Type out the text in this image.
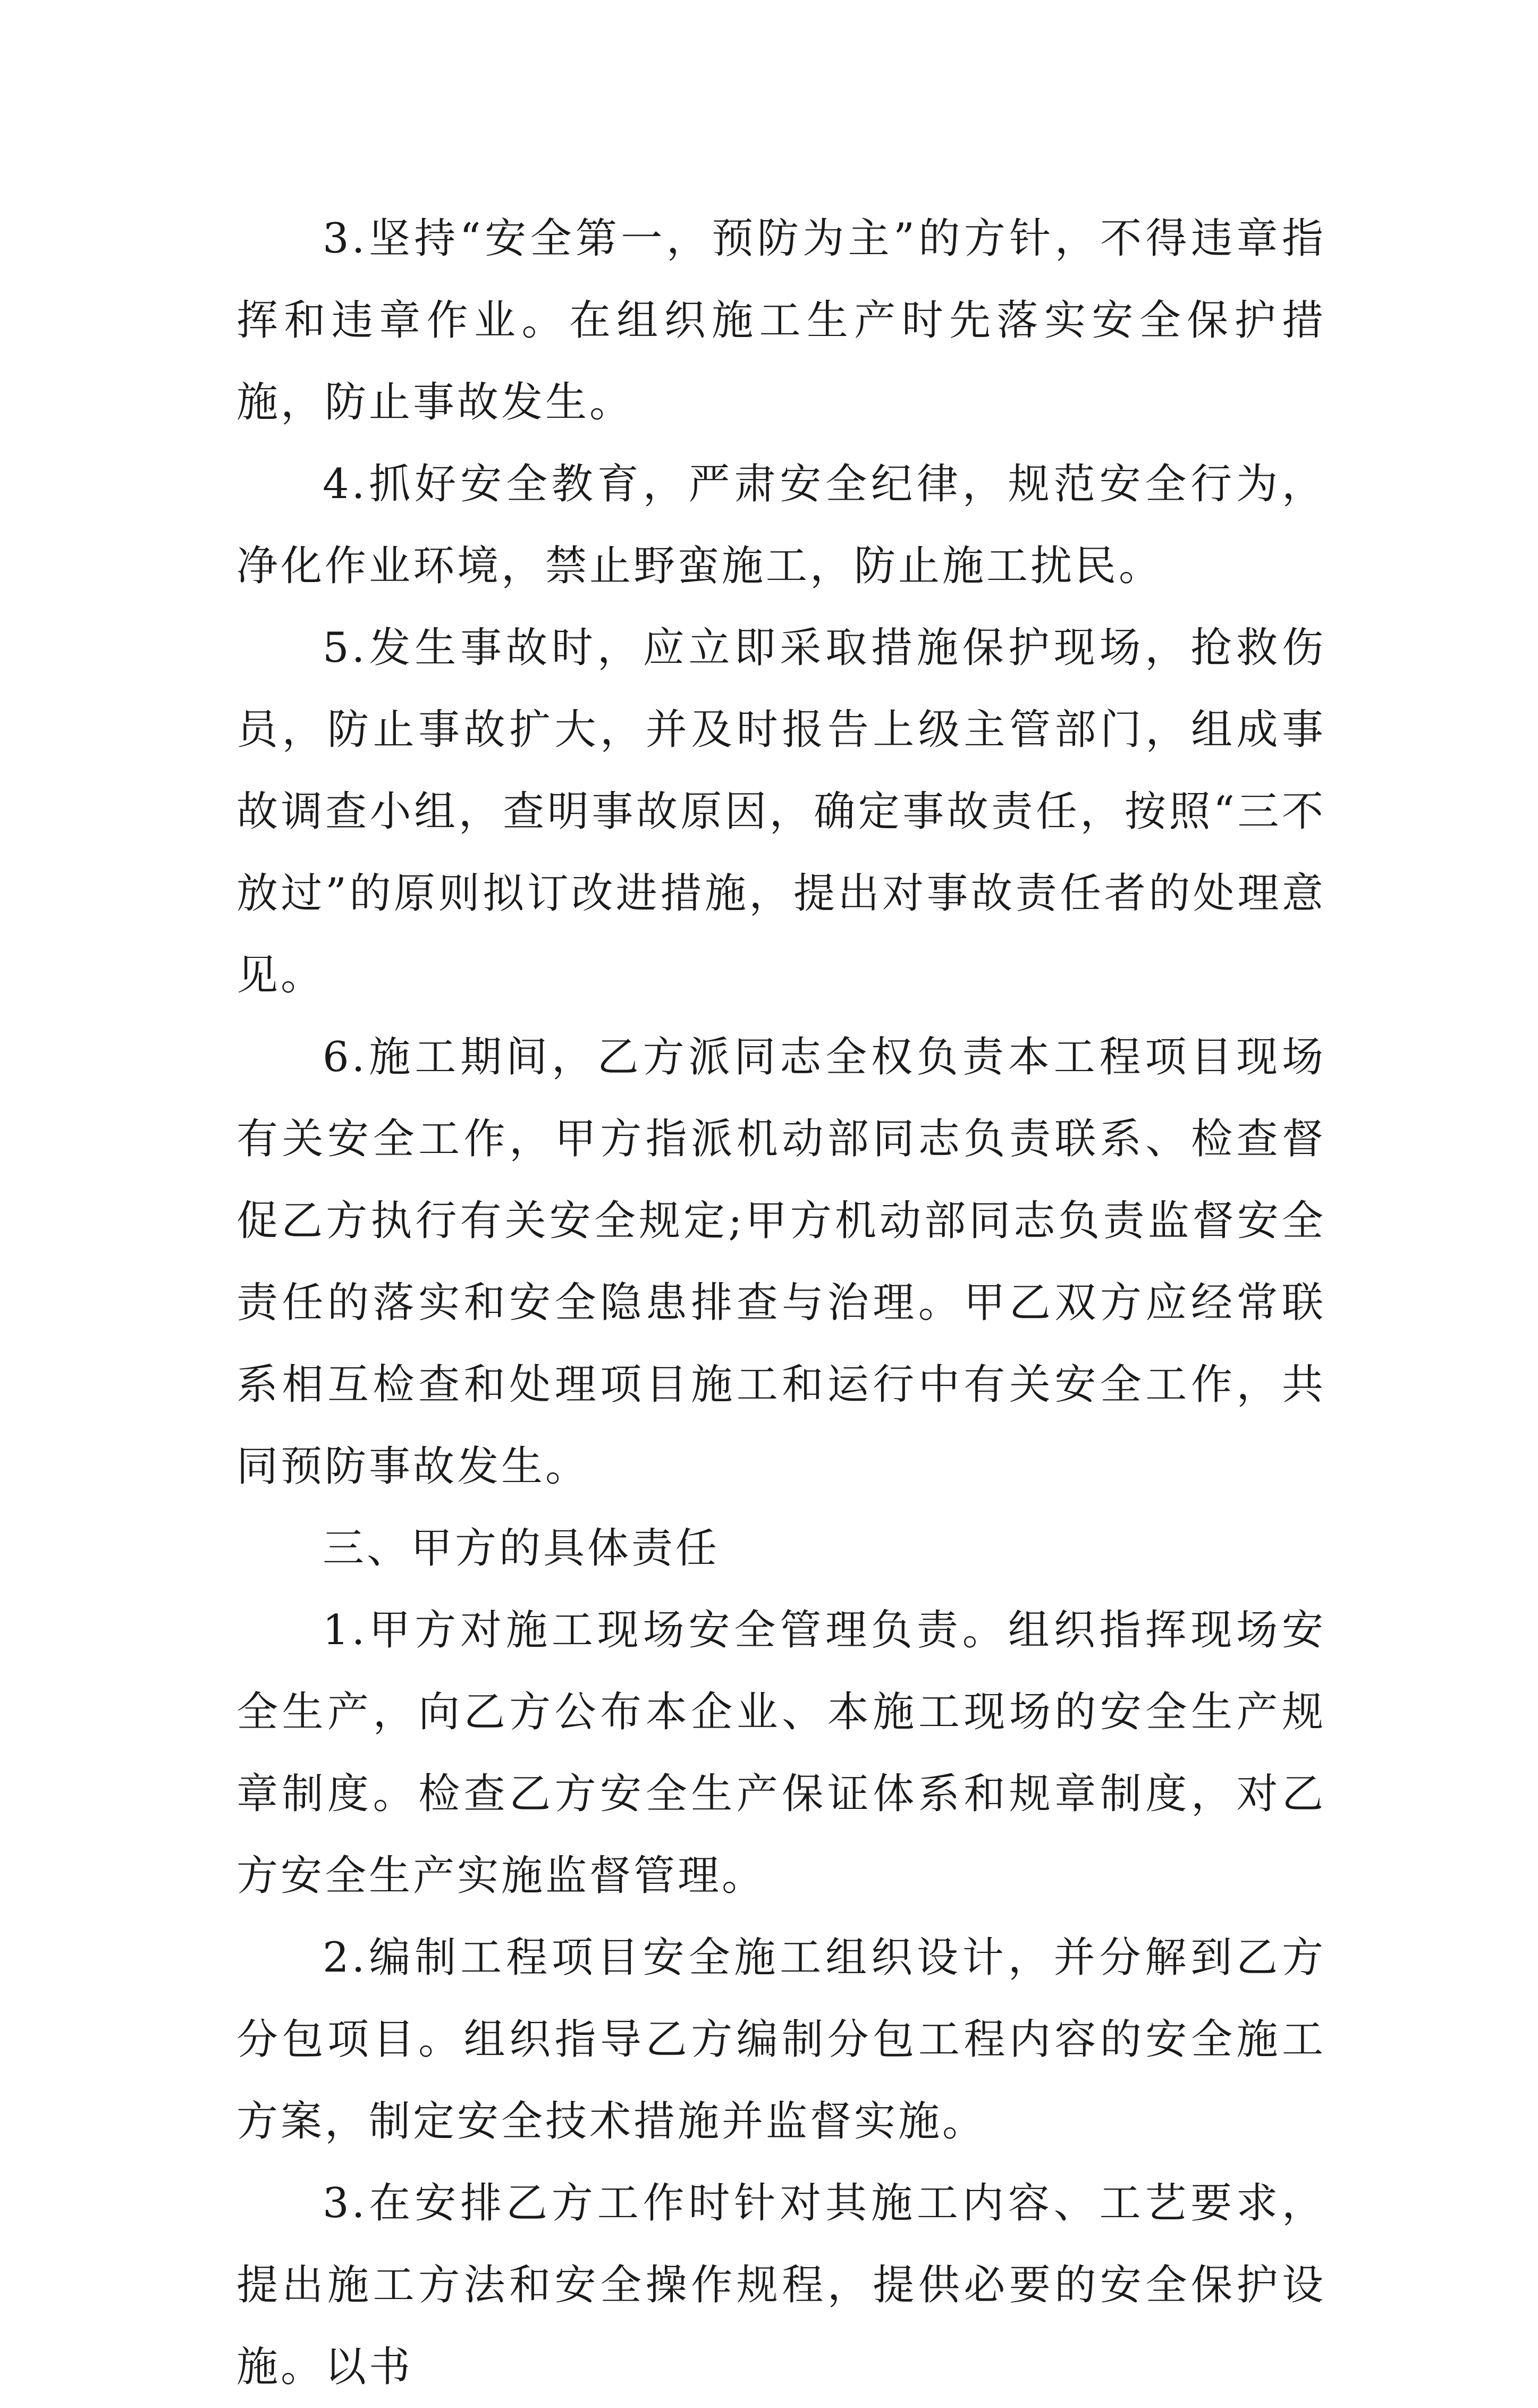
3.坚持“安全第一，预防为主”的方针，不得违章指挥和违章作业。在组织施工生产时先落实安全保护措施，防止事故发生。

4.抓好安全教育，严肃安全纪律，规范安全行为，净化作业环境，禁止野蛮施工，防止施工扰民。

5.发生事故时，应立即采取措施保护现场，抢救伤员，防止事故扩大，并及时报告上级主管部门，组成事故调查小组，查明事故原因，确定事故责任，按照“三不放过”的原则拟订改进措施，提出对事故责任者的处理意见。

6.施工期间，乙方派同志全权负责本工程项目现场有关安全工作，甲方指派机动部同志负责联系、检查督促乙方执行有关安全规定;甲方机动部同志负责监督安全责任的落实和安全隐患排查与治理。甲乙双方应经常联系相互检查和处理项目施工和运行中有关安全工作，共同预防事故发生。

三、甲方的具体责任

1.甲方对施工现场安全管理负责。组织指挥现场安全生产，向乙方公布本企业、本施工现场的安全生产规章制度。检查乙方安全生产保证体系和规章制度，对乙方安全生产实施监督管理。

2.编制工程项目安全施工组织设计，并分解到乙方分包项目。组织指导乙方编制分包工程内容的安全施工方案，制定安全技术措施并监督实施。

3.在安排乙方工作时针对其施工内容、工艺要求，提出施工方法和安全操作规程，提供必要的安全保护设施。以书
